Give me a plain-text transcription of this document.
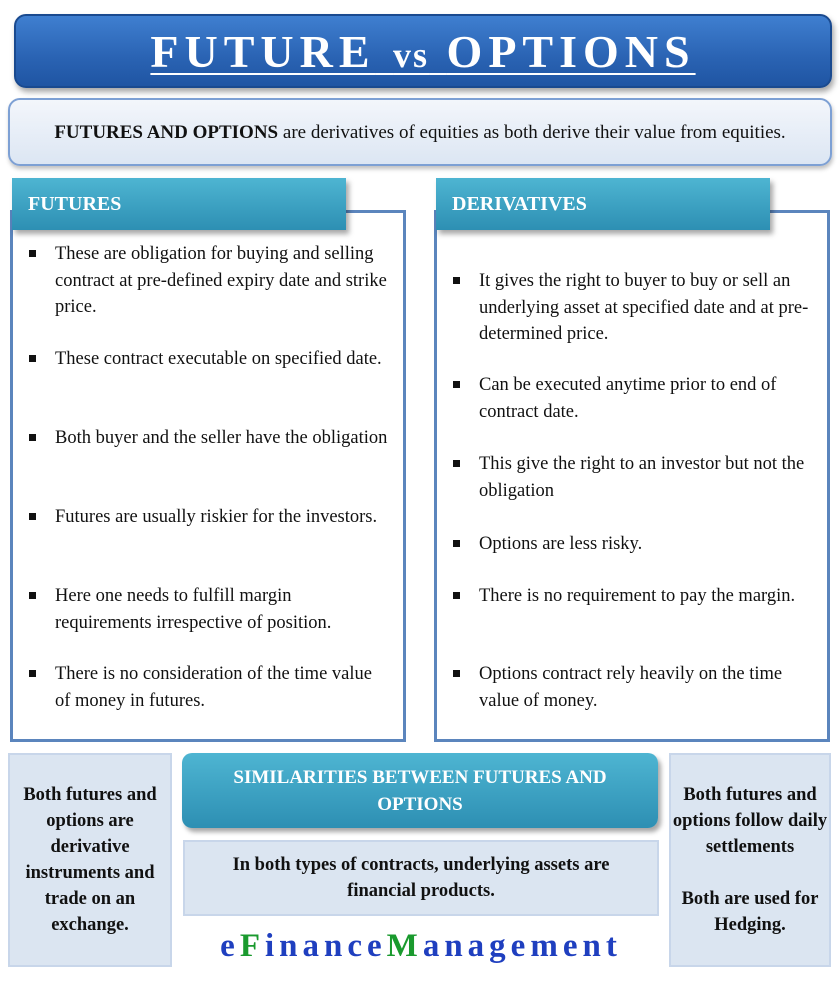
FUTURE vs OPTIONS
FUTURES AND OPTIONS are derivatives of equities as both derive their value from equities.
These are obligation for buying and selling contract at pre-defined expiry date and strike price.
These contract executable on specified date.
Both buyer and the seller have the obligation
Futures are usually riskier for the investors.
Here one needs to fulfill margin requirements irrespective of position.
There is no consideration of the time value of money in futures.
FUTURES
It gives the right to buyer to buy or sell an underlying asset at specified date and at pre-determined price.
Can be executed anytime prior to end of contract date.
This give the right to an investor but not the obligation
Options are less risky.
There is no requirement to pay the margin.
Options contract rely heavily on the time value of money.
DERIVATIVES
Both futures and options are derivative instruments and trade on an exchange.
SIMILARITIES BETWEEN FUTURES AND OPTIONS
In both types of contracts, underlying assets are financial products.

Both futures and options follow daily settlements

Both are used for Hedging.

e F inance M anagement
